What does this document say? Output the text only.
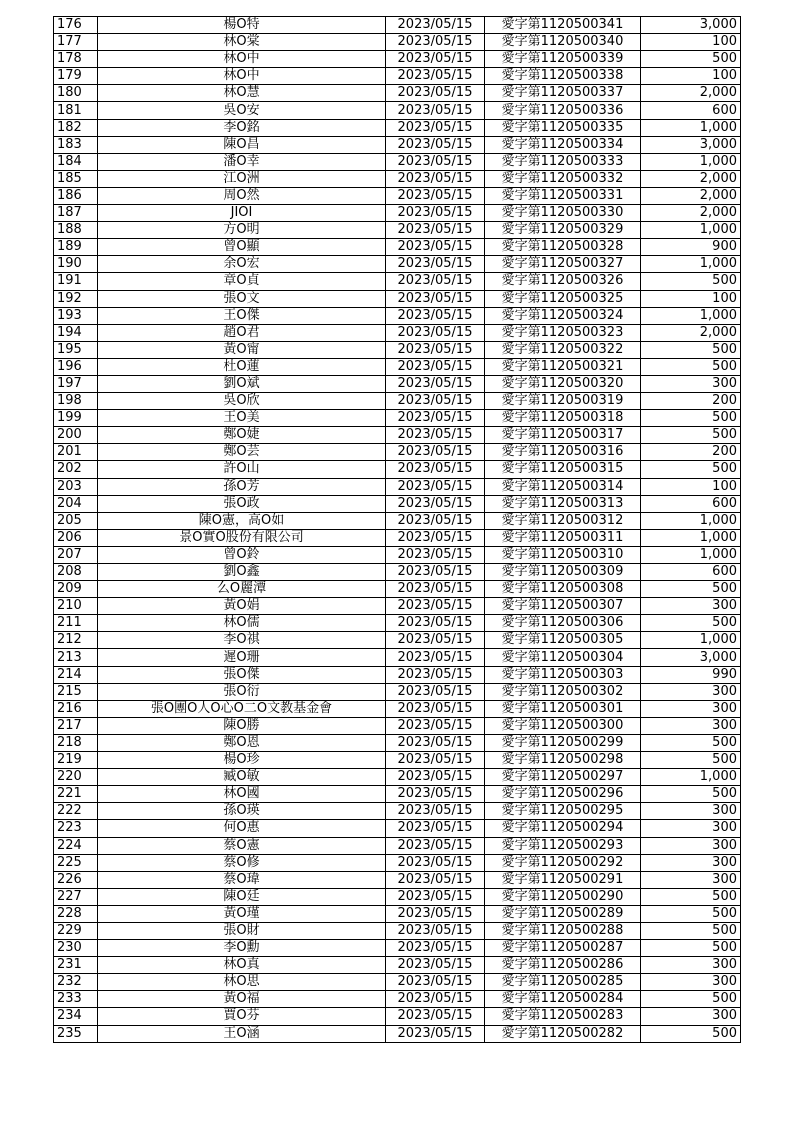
176	楊O特	2023/05/15	愛字第1120500341	3,000
177	林O棠	2023/05/15	愛字第1120500340	100
178	林O中	2023/05/15	愛字第1120500339	500
179	林O中	2023/05/15	愛字第1120500338	100
180	林O慧	2023/05/15	愛字第1120500337	2,000
181	吳O安	2023/05/15	愛字第1120500336	600
182	李O銘	2023/05/15	愛字第1120500335	1,000
183	陳O昌	2023/05/15	愛字第1120500334	3,000
184	潘O幸	2023/05/15	愛字第1120500333	1,000
185	江O洲	2023/05/15	愛字第1120500332	2,000
186	周O然	2023/05/15	愛字第1120500331	2,000
187	JIOI	2023/05/15	愛字第1120500330	2,000
188	方O明	2023/05/15	愛字第1120500329	1,000
189	曾O顯	2023/05/15	愛字第1120500328	900
190	余O宏	2023/05/15	愛字第1120500327	1,000
191	章O貞	2023/05/15	愛字第1120500326	500
192	張O文	2023/05/15	愛字第1120500325	100
193	王O傑	2023/05/15	愛字第1120500324	1,000
194	趙O君	2023/05/15	愛字第1120500323	2,000
195	黃O甯	2023/05/15	愛字第1120500322	500
196	杜O蓮	2023/05/15	愛字第1120500321	500
197	劉O斌	2023/05/15	愛字第1120500320	300
198	吳O欣	2023/05/15	愛字第1120500319	200
199	王O美	2023/05/15	愛字第1120500318	500
200	鄭O婕	2023/05/15	愛字第1120500317	500
201	鄭O芸	2023/05/15	愛字第1120500316	200
202	許O山	2023/05/15	愛字第1120500315	500
203	孫O芳	2023/05/15	愛字第1120500314	100
204	張O政	2023/05/15	愛字第1120500313	600
205	陳O憲，高O如	2023/05/15	愛字第1120500312	1,000
206	景O實O股份有限公司	2023/05/15	愛字第1120500311	1,000
207	曾O鈴	2023/05/15	愛字第1120500310	1,000
208	劉O鑫	2023/05/15	愛字第1120500309	600
209	么O麗潭	2023/05/15	愛字第1120500308	500
210	黃O娟	2023/05/15	愛字第1120500307	300
211	林O儒	2023/05/15	愛字第1120500306	500
212	李O祺	2023/05/15	愛字第1120500305	1,000
213	遲O珊	2023/05/15	愛字第1120500304	3,000
214	張O傑	2023/05/15	愛字第1120500303	990
215	張O衍	2023/05/15	愛字第1120500302	300
216	張O團O人O心O二O文教基金會	2023/05/15	愛字第1120500301	300
217	陳O勝	2023/05/15	愛字第1120500300	300
218	鄭O恩	2023/05/15	愛字第1120500299	500
219	楊O珍	2023/05/15	愛字第1120500298	500
220	臧O敏	2023/05/15	愛字第1120500297	1,000
221	林O國	2023/05/15	愛字第1120500296	500
222	孫O瑛	2023/05/15	愛字第1120500295	300
223	何O惠	2023/05/15	愛字第1120500294	300
224	蔡O憲	2023/05/15	愛字第1120500293	300
225	蔡O修	2023/05/15	愛字第1120500292	300
226	蔡O瑋	2023/05/15	愛字第1120500291	300
227	陳O廷	2023/05/15	愛字第1120500290	500
228	黃O瑾	2023/05/15	愛字第1120500289	500
229	張O財	2023/05/15	愛字第1120500288	500
230	李O勳	2023/05/15	愛字第1120500287	500
231	林O真	2023/05/15	愛字第1120500286	300
232	林O思	2023/05/15	愛字第1120500285	300
233	黃O福	2023/05/15	愛字第1120500284	500
234	賈O芬	2023/05/15	愛字第1120500283	300
235	王O涵	2023/05/15	愛字第1120500282	500
